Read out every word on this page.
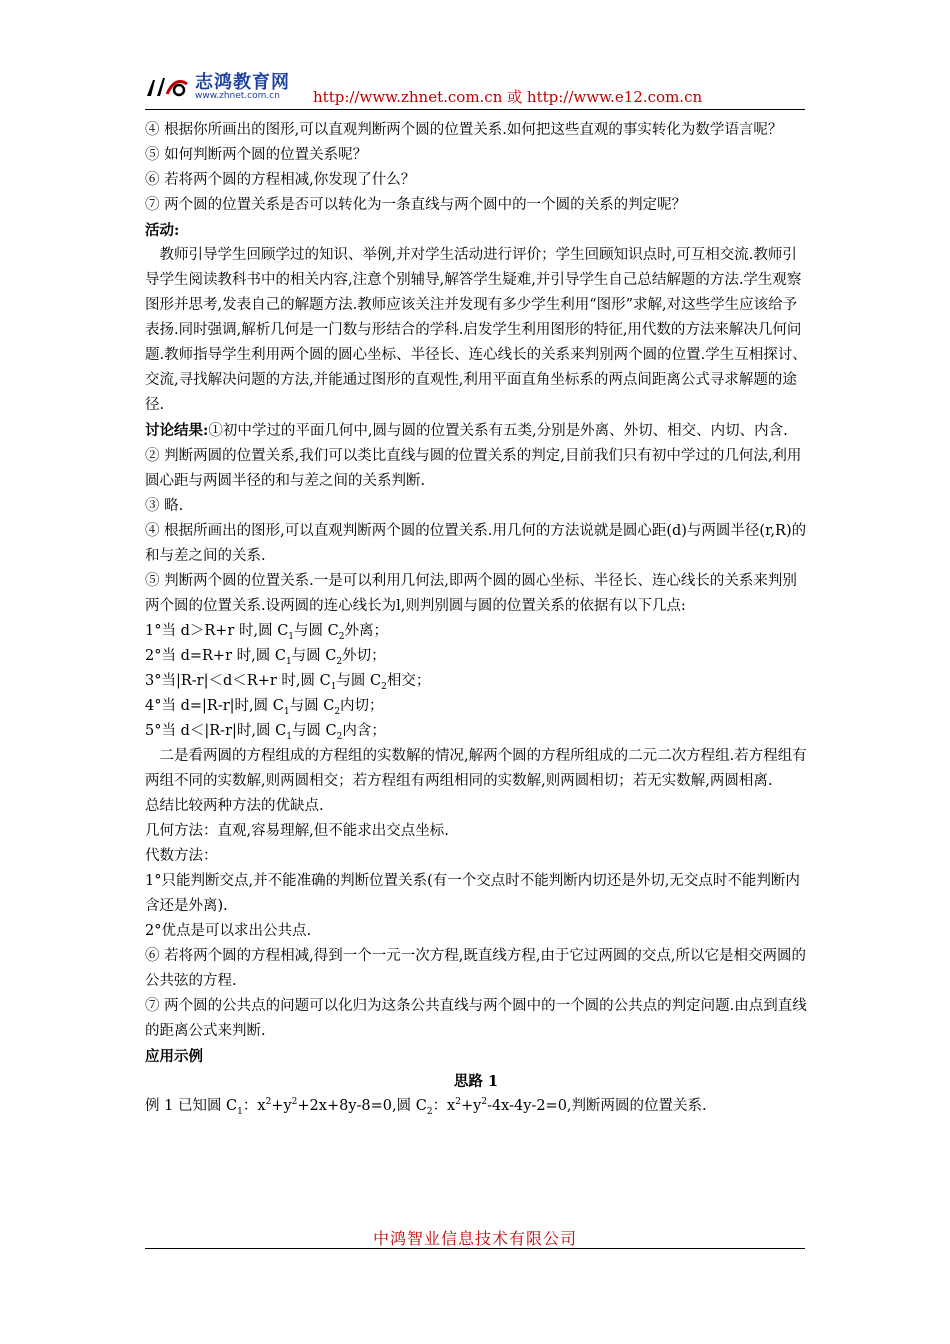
志鸿教育网
www.zhnet.com.cn http://www.zhnet.com.cn 或 http://www.e12.com.cn

④ 根据你所画出的图形,可以直观判断两个圆的位置关系.如何把这些直观的事实转化为数学语言呢？

⑤ 如何判断两个圆的位置关系呢？

⑥ 若将两个圆的方程相减,你发现了什么？

⑦ 两个圆的位置关系是否可以转化为一条直线与两个圆中的一个圆的关系的判定呢？

活动:

教师引导学生回顾学过的知识、举例,并对学生活动进行评价；学生回顾知识点时,可互相交流.教师引导学生阅读教科书中的相关内容,注意个别辅导,解答学生疑难,并引导学生自己总结解题的方法.学生观察图形并思考,发表自己的解题方法.教师应该关注并发现有多少学生利用“图形”求解,对这些学生应该给予表扬.同时强调,解析几何是一门数与形结合的学科.启发学生利用图形的特征,用代数的方法来解决几何问题.教师指导学生利用两个圆的圆心坐标、半径长、连心线长的关系来判别两个圆的位置.学生互相探讨、交流,寻找解决问题的方法,并能通过图形的直观性,利用平面直角坐标系的两点间距离公式寻求解题的途径.

讨论结果:①初中学过的平面几何中,圆与圆的位置关系有五类,分别是外离、外切、相交、内切、内含.

② 判断两圆的位置关系,我们可以类比直线与圆的位置关系的判定,目前我们只有初中学过的几何法,利用圆心距与两圆半径的和与差之间的关系判断.

③ 略.

④ 根据所画出的图形,可以直观判断两个圆的位置关系.用几何的方法说就是圆心距(d)与两圆半径(r,R)的和与差之间的关系.

⑤ 判断两个圆的位置关系.一是可以利用几何法,即两个圆的圆心坐标、半径长、连心线长的关系来判别两个圆的位置关系.设两圆的连心线长为l,则判别圆与圆的位置关系的依据有以下几点:

1°当 d＞R+r 时,圆 $C_1$与圆 $C_2$外离；

2°当 d=R+r 时,圆 $C_1$与圆 $C_2$外切；

3°当|R-r|＜d＜R+r 时,圆 $C_1$与圆 $C_2$相交；

4°当 d=|R-r|时,圆 $C_1$与圆 $C_2$内切；

5°当 d＜|R-r|时,圆 $C_1$与圆 $C_2$内含；

二是看两圆的方程组成的方程组的实数解的情况,解两个圆的方程所组成的二元二次方程组.若方程组有两组不同的实数解,则两圆相交；若方程组有两组相同的实数解,则两圆相切；若无实数解,两圆相离.

总结比较两种方法的优缺点.

几何方法：直观,容易理解,但不能求出交点坐标.

代数方法：

1°只能判断交点,并不能准确的判断位置关系(有一个交点时不能判断内切还是外切,无交点时不能判断内含还是外离).

2°优点是可以求出公共点.

⑥ 若将两个圆的方程相减,得到一个一元一次方程,既直线方程,由于它过两圆的交点,所以它是相交两圆的公共弦的方程.

⑦ 两个圆的公共点的问题可以化归为这条公共直线与两个圆中的一个圆的公共点的判定问题.由点到直线的距离公式来判断.

应用示例

思路 1

例 1 已知圆 $C_1$：$x^2+y^2+2x+8y-8=0$,圆 $C_2$：$x^2+y^2-4x-4y-2=0$,判断两圆的位置关系.

中鸿智业信息技术有限公司
